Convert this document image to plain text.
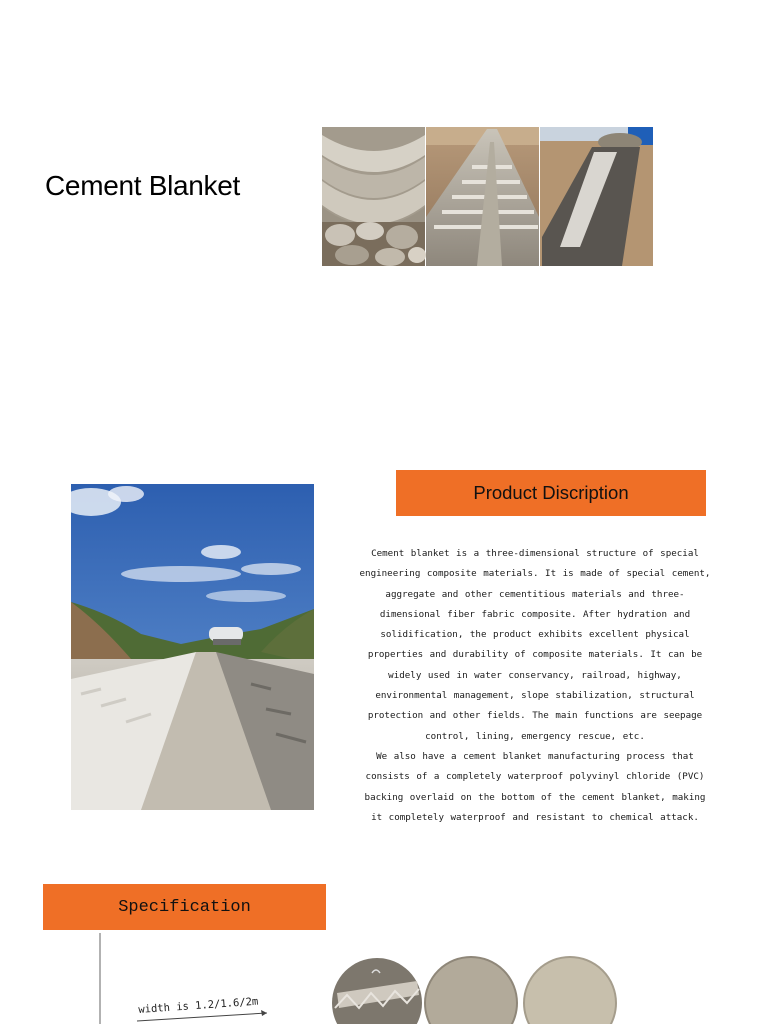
Cement Blanket
Product Discription

Cement blanket is a three-dimensional structure of special engineering composite materials. It is made of special cement, aggregate and other cementitious materials and three-dimensional fiber fabric composite. After hydration and solidification, the product exhibits excellent physical properties and durability of composite materials. It can be widely used in water conservancy, railroad, highway, environmental management, slope stabilization, structural protection and other fields. The main functions are seepage control, lining, emergency rescue, etc.

We also have a cement blanket manufacturing process that consists of a completely waterproof polyvinyl chloride (PVC) backing overlaid on the bottom of the cement blanket, making it completely waterproof and resistant to chemical attack.

Specification
width is 1.2/1.6/2m
